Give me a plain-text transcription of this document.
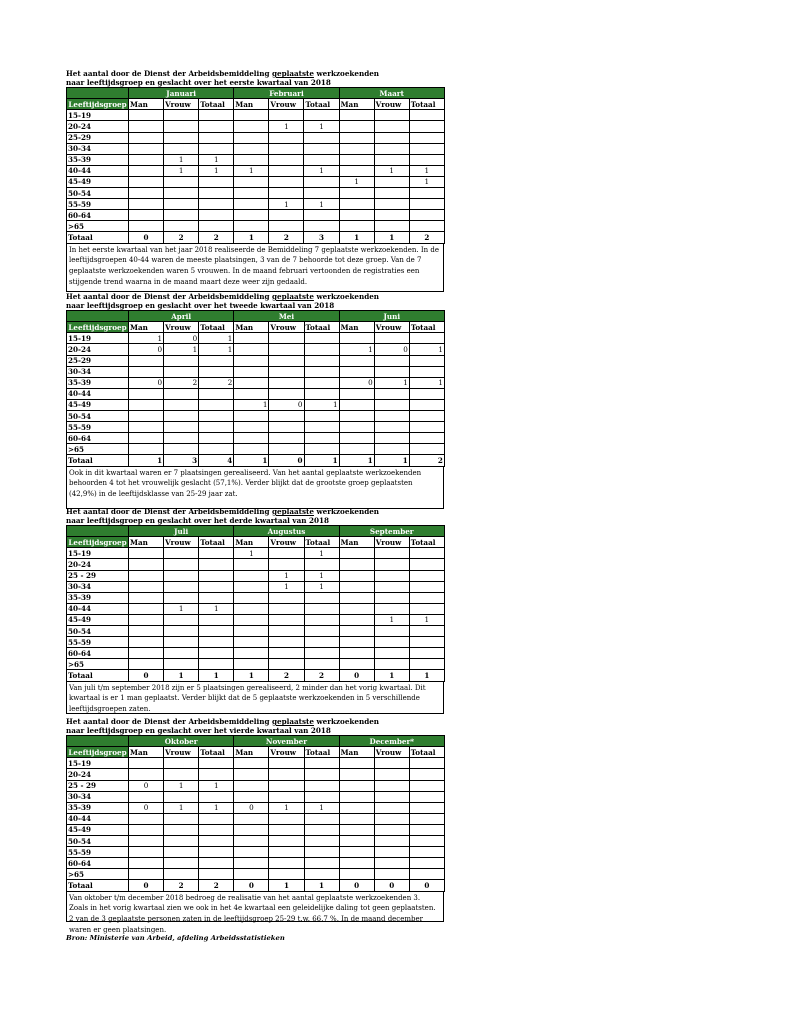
Het aantal door de Dienst der Arbeidsbemiddeling geplaatste werkzoekenden
naar leeftijdsgroep en geslacht over het eerste kwartaal van 2018
	Januari			Februari			Maart		
Leeftijdsgroep	Man	Vrouw	Totaal	Man	Vrouw	Totaal	Man	Vrouw	Totaal
15-19									
20-24					1	1			
25-29									
30-34									
35-39		1	1						
40-44		1	1	1		1		1	1
45-49							1		1
50-54									
55-59					1	1			
60-64									
>65									
Totaal	0	2	2	1	2	3	1	1	2
In het eerste kwartaal van het jaar 2018 realiseerde de Bemiddeling 7 geplaatste werkzoekenden. In de leeftijdsgroepen 40-44 waren de meeste plaatsingen, 3 van de 7 behoorde tot deze groep. Van de 7 geplaatste werkzoekenden waren 5 vrouwen. In de maand februari vertoonden de registraties een stijgende trend waarna in de maand maart deze weer zijn gedaald.
Het aantal door de Dienst der Arbeidsbemiddeling geplaatste werkzoekenden
naar leeftijdsgroep en geslacht over het tweede kwartaal van 2018
	April			Mei			Juni		
Leeftijdsgroep	Man	Vrouw	Totaal	Man	Vrouw	Totaal	Man	Vrouw	Totaal
15-19	1	0	1						
20-24	0	1	1				1	0	1
25-29									
30-34									
35-39	0	2	2				0	1	1
40-44									
45-49				1	0	1			
50-54									
55-59									
60-64									
>65									
Totaal	1	3	4	1	0	1	1	1	2
Ook in dit kwartaal waren er 7 plaatsingen gerealiseerd. Van het aantal geplaatste werkzoekenden behoorden 4 tot het vrouwelijk geslacht (57,1%). Verder blijkt dat de grootste groep geplaatsten (42,9%) in de leeftijdsklasse van 25-29 jaar zat.
Het aantal door de Dienst der Arbeidsbemiddeling geplaatste werkzoekenden
naar leeftijdsgroep en geslacht over het derde kwartaal van 2018
	Juli			Augustus			September		
Leeftijdsgroep	Man	Vrouw	Totaal	Man	Vrouw	Totaal	Man	Vrouw	Totaal
15-19				1		1			
20-24									
25 - 29					1	1			
30-34					1	1			
35-39									
40-44		1	1						
45-49								1	1
50-54									
55-59									
60-64									
>65									
Totaal	0	1	1	1	2	2	0	1	1
Van juli t/m september 2018 zijn er 5 plaatsingen gerealiseerd, 2 minder dan het vorig kwartaal. Dit kwartaal is er 1 man geplaatst. Verder blijkt dat de 5 geplaatste werkzoekenden in 5 verschillende leeftijdsgroepen zaten.
Het aantal door de Dienst der Arbeidsbemiddeling geplaatste werkzoekenden
naar leeftijdsgroep en geslacht over het vierde kwartaal van 2018
	Oktober			November			December*		
Leeftijdsgroep	Man	Vrouw	Totaal	Man	Vrouw	Totaal	Man	Vrouw	Totaal
15-19									
20-24									
25 - 29	0	1	1						
30-34									
35-39	0	1	1	0	1	1			
40-44									
45-49									
50-54									
55-59									
60-64									
>65									
Totaal	0	2	2	0	1	1	0	0	0
Van oktober t/m december 2018 bedroeg de realisatie van het aantal geplaatste werkzoekenden 3. Zoals in het vorig kwartaal zien we ook in het 4e kwartaal een geleidelijke daling tot geen geplaatsten. 2 van de 3 geplaatste personen zaten in de leeftijdsgroep 25-29 t.w. 66,7 %. In de maand december waren er geen plaatsingen.
Bron: Ministerie van Arbeid, afdeling Arbeidsstatistieken
